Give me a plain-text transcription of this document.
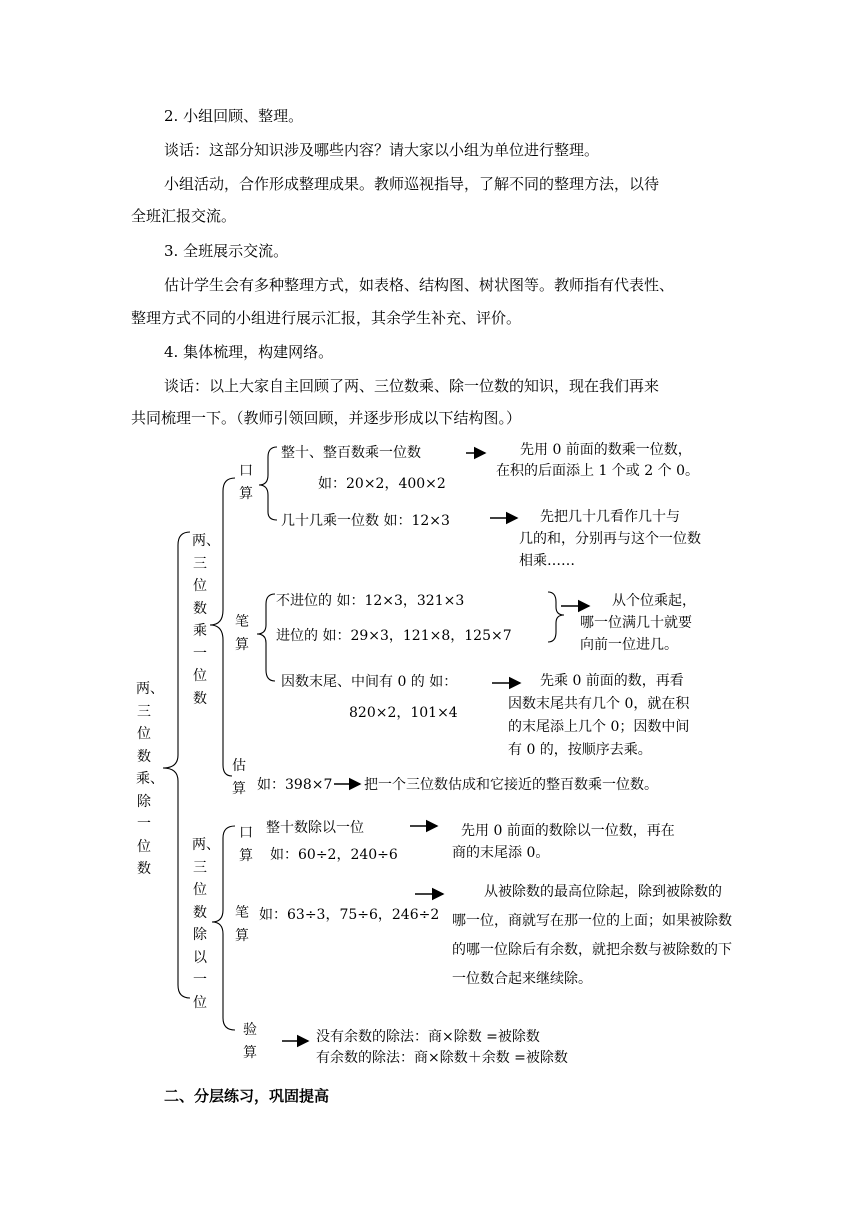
2. 小组回顾、整理。
谈话：这部分知识涉及哪些内容？请大家以小组为单位进行整理。
小组活动，合作形成整理成果。教师巡视指导，了解不同的整理方法，以待
全班汇报交流。
3. 全班展示交流。
估计学生会有多种整理方式，如表格、结构图、树状图等。教师指有代表性、
整理方式不同的小组进行展示汇报，其余学生补充、评价。
4. 集体梳理，构建网络。
谈话：以上大家自主回顾了两、三位数乘、除一位数的知识，现在我们再来
共同梳理一下。（教师引领回顾，并逐步形成以下结构图。）
两、三位数乘、除一位数
两、三位数乘一位数
口算
整十、整百数乘一位数
如：20×2，400×2
先用 0 前面的数乘一位数，
在积的后面添上 1 个或 2 个 0。
几十几乘一位数 如：12×3	先把几十几看作几十与
几的和，分别再与这个一位数
相乘……
笔算
不进位的 如：12×3，321×3
进位的 如：29×3，121×8，125×7
从个位乘起，
哪一位满几十就要
向前一位进几。
因数末尾、中间有 0 的 如：
820×2，101×4
先乘 0 前面的数，再看
因数末尾共有几个 0，就在积
的末尾添上几个 0；因数中间
有 0 的，按顺序去乘。
估算 如：398×7 把一个三位数估成和它接近的整百数乘一位数。
两、三位数除以一位
口算
整十数除以一位
如：60÷2，240÷6
先用 0 前面的数除以一位数，再在
商的末尾添 0。
笔算
如：63÷3，75÷6，246÷2
从被除数的最高位除起，除到被除数的哪一位，商就写在那一位的上面；如果被除数的哪一位除后有余数，就把余数与被除数的下一位数合起来继续除。
验算
没有余数的除法：商×除数 =被除数
有余数的除法：商×除数＋余数 =被除数
二、分层练习，巩固提高
